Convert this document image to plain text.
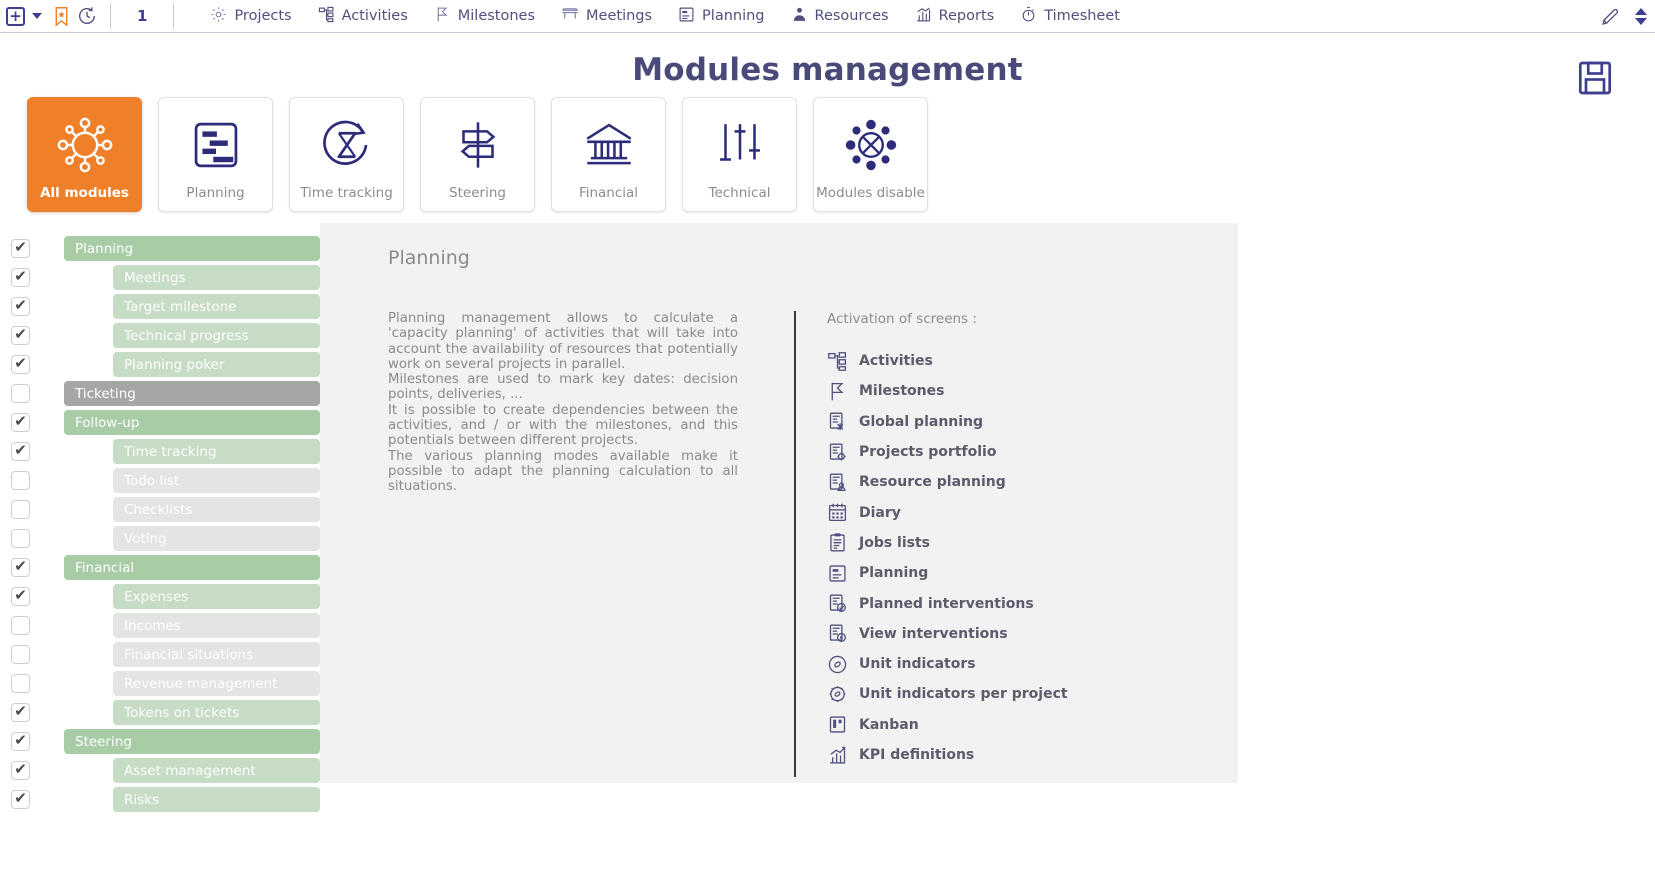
+	1	Projects	Activities	Milestones	Meetings	Planning	Resources	Reports	Timesheet
Modules management
All modules	Planning	Time tracking	Steering	Financial	Technical	Modules disable
✔	Planning
✔	Meetings
✔	Target milestone
✔	Technical progress
✔	Planning poker
Ticketing
✔	Follow-up
✔	Time tracking
Todo list
Checklists
Voting
✔	Financial
✔	Expenses
Incomes
Financial situations
Revenue management
✔	Tokens on tickets
✔	Steering
✔	Asset management
✔	Risks
Planning

Planning management allows to calculate a 'capacity planning' of activities that will take into account the availability of resources that potentially work on several projects in parallel.

Milestones are used to mark key dates: decision points, deliveries, ...

It is possible to create dependencies between the activities, and / or with the milestones, and this potentials between different projects.

The various planning modes available make it possible to adapt the planning calculation to all situations.

Activation of screens :
Activities
Milestones
Global planning
Projects portfolio
Resource planning
Diary
Jobs lists
Planning
Planned interventions
View interventions
Unit indicators
Unit indicators per project
Kanban
KPI definitions
